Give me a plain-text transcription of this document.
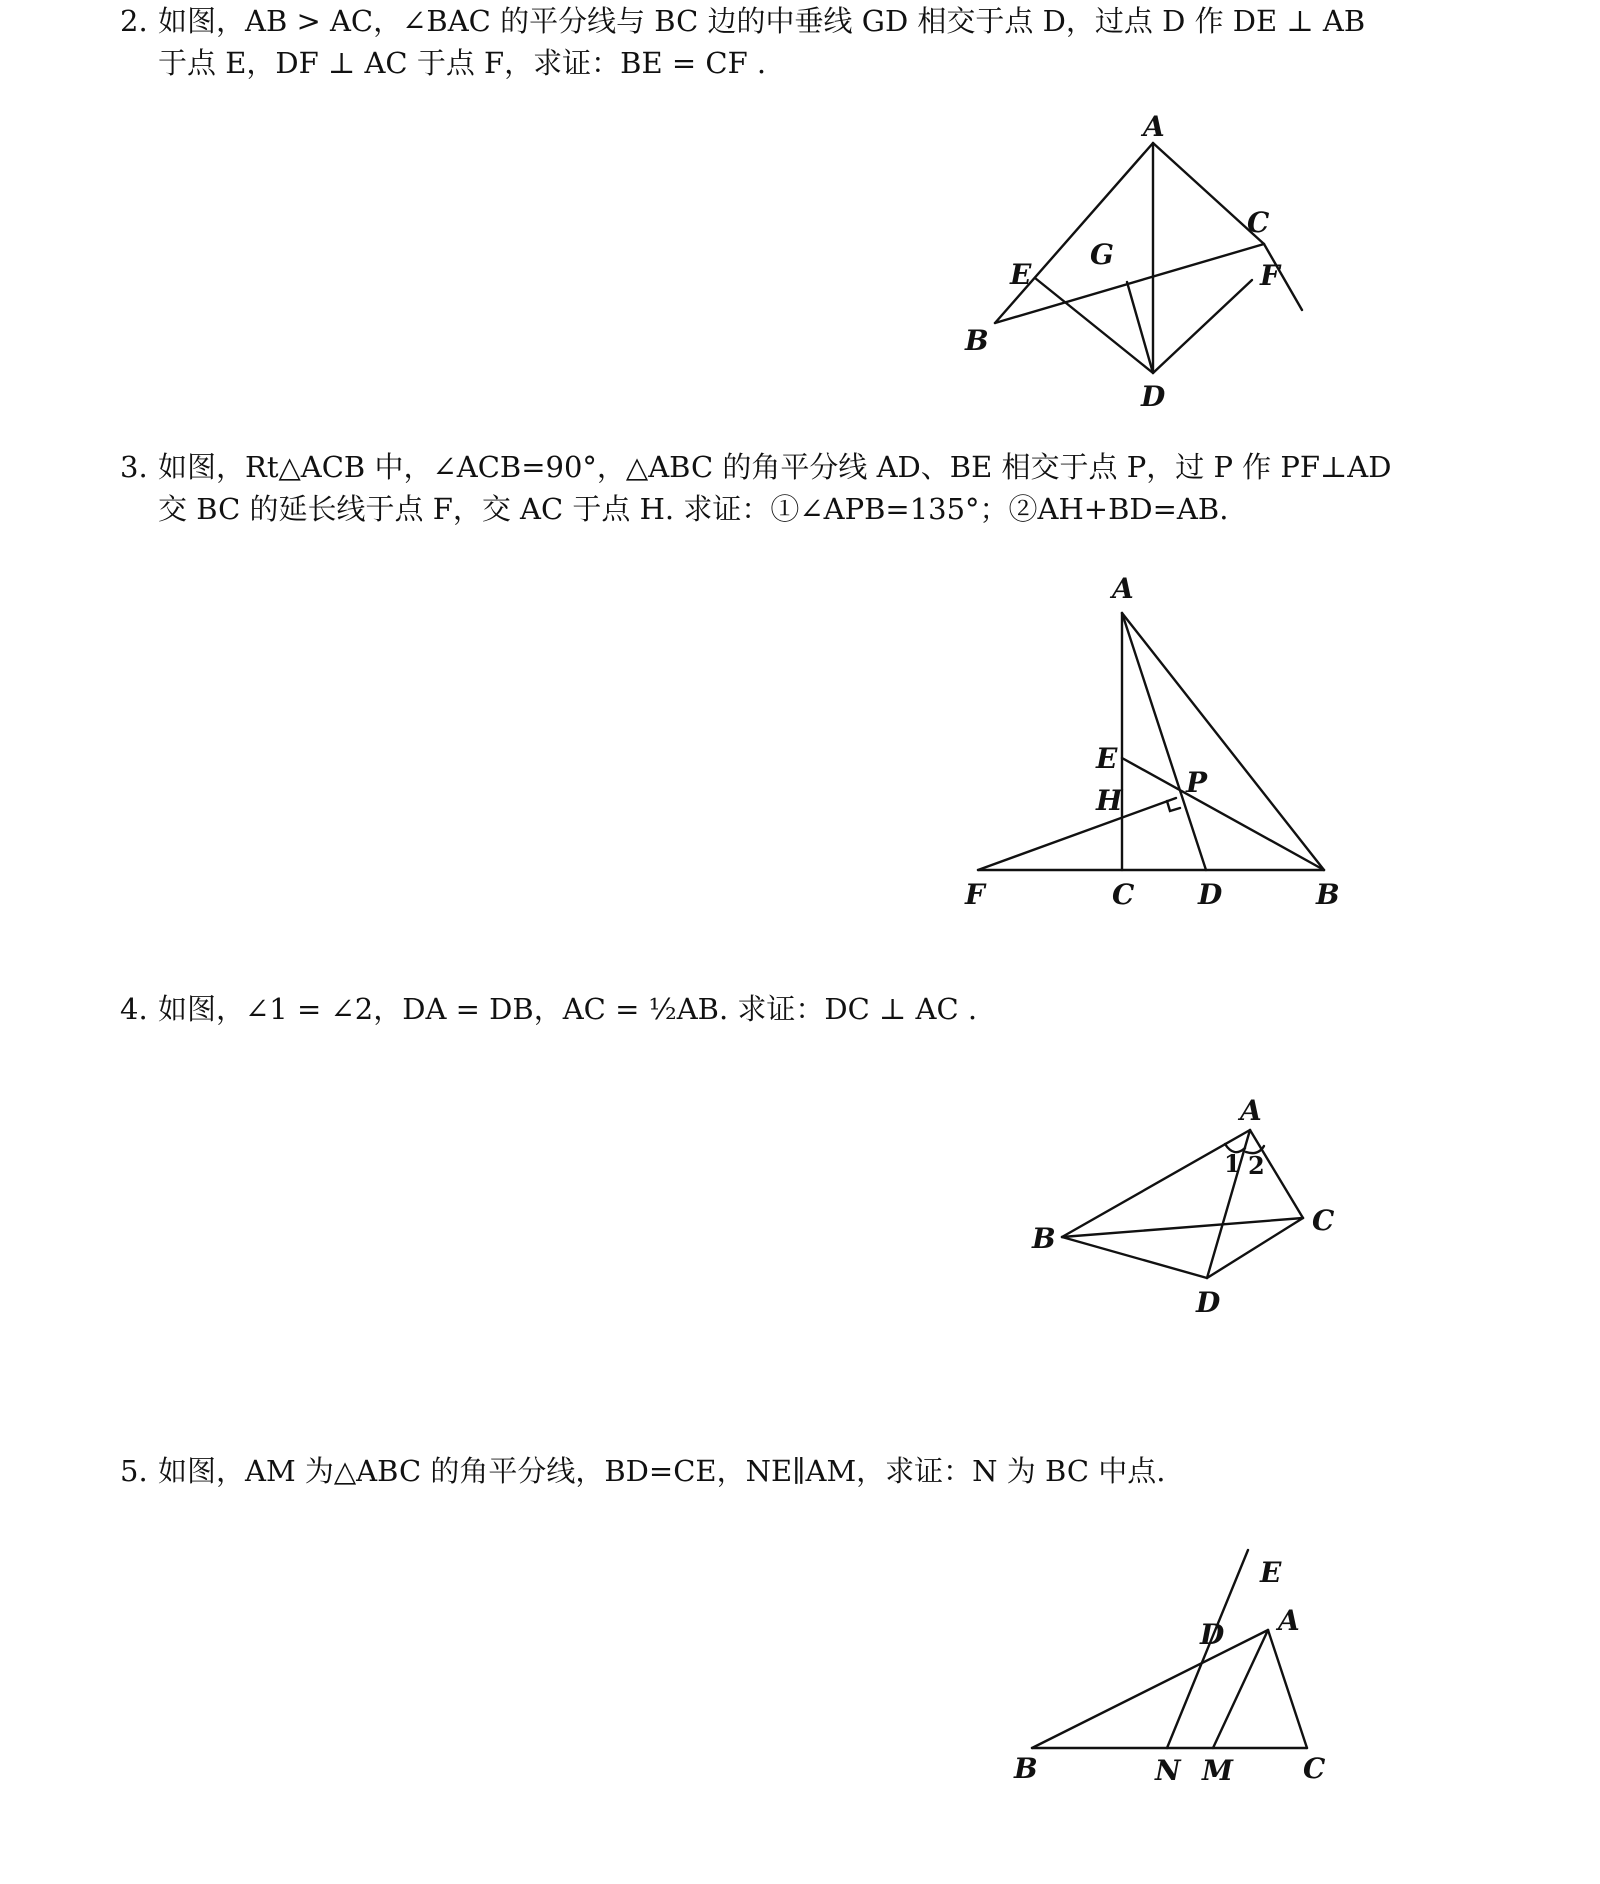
2. 如图，AB > AC，∠BAC 的平分线与 BC 边的中垂线 GD 相交于点 D，过点 D 作 DE ⊥ AB
于点 E，DF ⊥ AC 于点 F，求证：BE = CF .
A
B
C
D
E	F
G
3. 如图，Rt△ACB 中，∠ACB=90°，△ABC 的角平分线 AD、BE 相交于点 P，过 P 作 PF⊥AD
交 BC 的延长线于点 F，交 AC 于点 H. 求证：①∠APB=135°；②AH+BD=AB.
A
E
H
P
F	C D	B
4. 如图，∠1 = ∠2，DA = DB，AC = ½AB. 求证：DC ⊥ AC .
A
B
C
D
1 2
5. 如图，AM 为△ABC 的角平分线，BD=CE，NE∥AM，求证：N 为 BC 中点.
E
A
D
B	N M	C
